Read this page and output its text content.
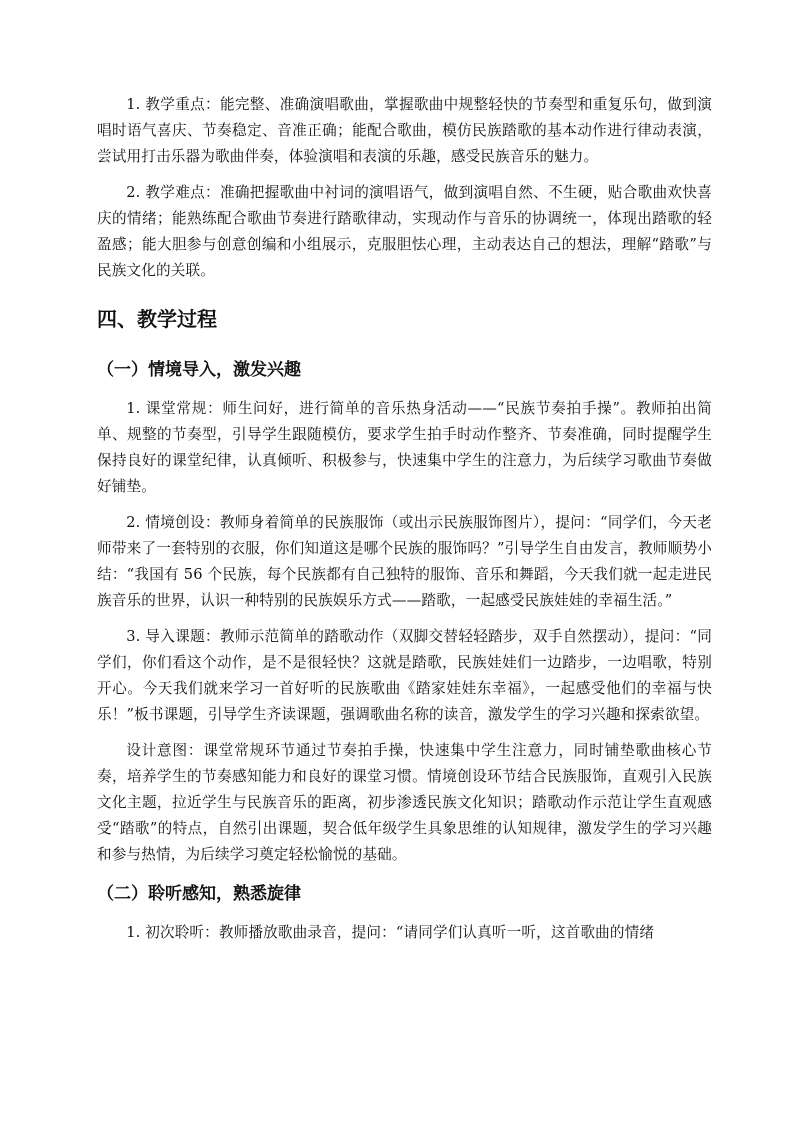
1. 教学重点：能完整、准确演唱歌曲，掌握歌曲中规整轻快的节奏型和重复乐句，做到演唱时语气喜庆、节奏稳定、音准正确；能配合歌曲，模仿民族踏歌的基本动作进行律动表演，尝试用打击乐器为歌曲伴奏，体验演唱和表演的乐趣，感受民族音乐的魅力。

2. 教学难点：准确把握歌曲中衬词的演唱语气，做到演唱自然、不生硬，贴合歌曲欢快喜庆的情绪；能熟练配合歌曲节奏进行踏歌律动，实现动作与音乐的协调统一，体现出踏歌的轻盈感；能大胆参与创意创编和小组展示，克服胆怯心理，主动表达自己的想法，理解“踏歌”与民族文化的关联。

四、教学过程
（一）情境导入，激发兴趣

1. 课堂常规：师生问好，进行简单的音乐热身活动——“民族节奏拍手操”。教师拍出简单、规整的节奏型，引导学生跟随模仿，要求学生拍手时动作整齐、节奏准确，同时提醒学生保持良好的课堂纪律，认真倾听、积极参与，快速集中学生的注意力，为后续学习歌曲节奏做好铺垫。

2. 情境创设：教师身着简单的民族服饰（或出示民族服饰图片），提问：“同学们，今天老师带来了一套特别的衣服，你们知道这是哪个民族的服饰吗？”引导学生自由发言，教师顺势小结：“我国有 56 个民族，每个民族都有自己独特的服饰、音乐和舞蹈，今天我们就一起走进民族音乐的世界，认识一种特别的民族娱乐方式——踏歌，一起感受民族娃娃的幸福生活。”

3. 导入课题：教师示范简单的踏歌动作（双脚交替轻轻踏步，双手自然摆动），提问：“同学们，你们看这个动作，是不是很轻快？这就是踏歌，民族娃娃们一边踏步，一边唱歌，特别开心。今天我们就来学习一首好听的民族歌曲《踏家娃娃东幸福》，一起感受他们的幸福与快乐！”板书课题，引导学生齐读课题，强调歌曲名称的读音，激发学生的学习兴趣和探索欲望。

设计意图：课堂常规环节通过节奏拍手操，快速集中学生注意力，同时铺垫歌曲核心节奏，培养学生的节奏感知能力和良好的课堂习惯。情境创设环节结合民族服饰，直观引入民族文化主题，拉近学生与民族音乐的距离，初步渗透民族文化知识；踏歌动作示范让学生直观感受“踏歌”的特点，自然引出课题，契合低年级学生具象思维的认知规律，激发学生的学习兴趣和参与热情，为后续学习奠定轻松愉悦的基础。

（二）聆听感知，熟悉旋律

1. 初次聆听：教师播放歌曲录音，提问：“请同学们认真听一听，这首歌曲的情绪
